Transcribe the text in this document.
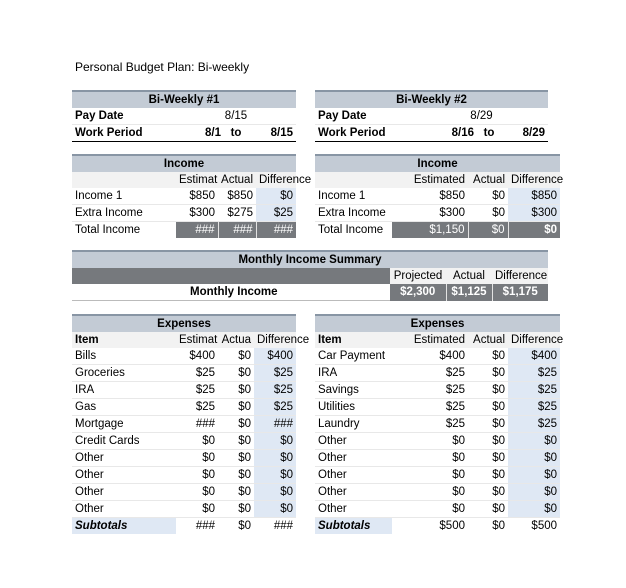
Personal Budget Plan: Bi-weekly
Bi-Weekly #1			
Pay Date	8/15		
Work Period	8/1	to	8/15
Bi-Weekly #2			
Pay Date	8/29		
Work Period	8/16	to	8/29
Income			
	Estimat	Actual	Difference
Income 1	$850	$850	$0
Extra Income	$300	$275	$25
Total Income	###	###	###
Income			
	Estimated	Actual	Difference
Income 1	$850	$0	$850
Extra Income	$300	$0	$300
Total Income	$1,150	$0	$0
Monthly Income Summary			
	Projected	Actual	Difference
Monthly Income	$2,300	$1,125	$1,175
Expenses			
Item	Estimat	Actua	Difference
Bills	$400	$0	$400
Groceries	$25	$0	$25
IRA	$25	$0	$25
Gas	$25	$0	$25
Mortgage	###	$0	###
Credit Cards	$0	$0	$0
Other	$0	$0	$0
Other	$0	$0	$0
Other	$0	$0	$0
Other	$0	$0	$0
Subtotals	###	$0	###
Expenses			
Item	Estimated	Actual	Difference
Car Payment	$400	$0	$400
IRA	$25	$0	$25
Savings	$25	$0	$25
Utilities	$25	$0	$25
Laundry	$25	$0	$25
Other	$0	$0	$0
Other	$0	$0	$0
Other	$0	$0	$0
Other	$0	$0	$0
Other	$0	$0	$0
Subtotals	$500	$0	$500
